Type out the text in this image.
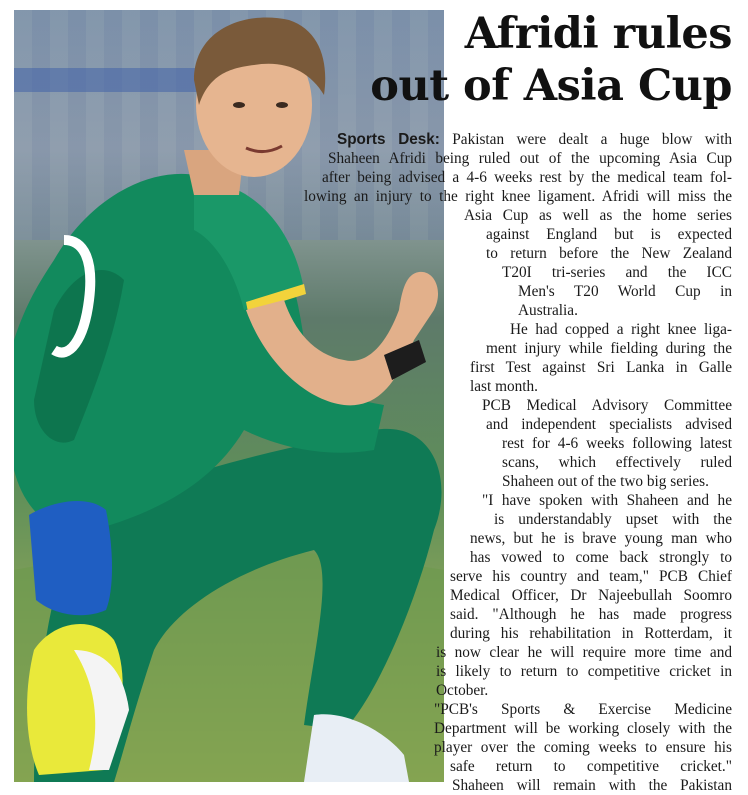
Afridi rules
out of Asia Cup
Sports Desk: Pakistan were dealt a huge blow with
Shaheen Afridi being ruled out of the upcoming Asia Cup
after being advised a 4-6 weeks rest by the medical team fol-
lowing an injury to the right knee ligament. Afridi will miss the
Asia Cup as well as the home series
against England but is expected
to return before the New Zealand
T20I tri-series and the ICC
Men's T20 World Cup in
Australia.
He had copped a right knee liga-
ment injury while fielding during the
first Test against Sri Lanka in Galle
last month.
PCB Medical Advisory Committee
and independent specialists advised
rest for 4-6 weeks following latest
scans, which effectively ruled
Shaheen out of the two big series.
"I have spoken with Shaheen and he
is understandably upset with the
news, but he is brave young man who
has vowed to come back strongly to
serve his country and team," PCB Chief
Medical Officer, Dr Najeebullah Soomro
said. "Although he has made progress
during his rehabilitation in Rotterdam, it
is now clear he will require more time and
is likely to return to competitive cricket in
October.
"PCB's Sports & Exercise Medicine
Department will be working closely with the
player over the coming weeks to ensure his
safe return to competitive cricket."
Shaheen will remain with the Pakistan
